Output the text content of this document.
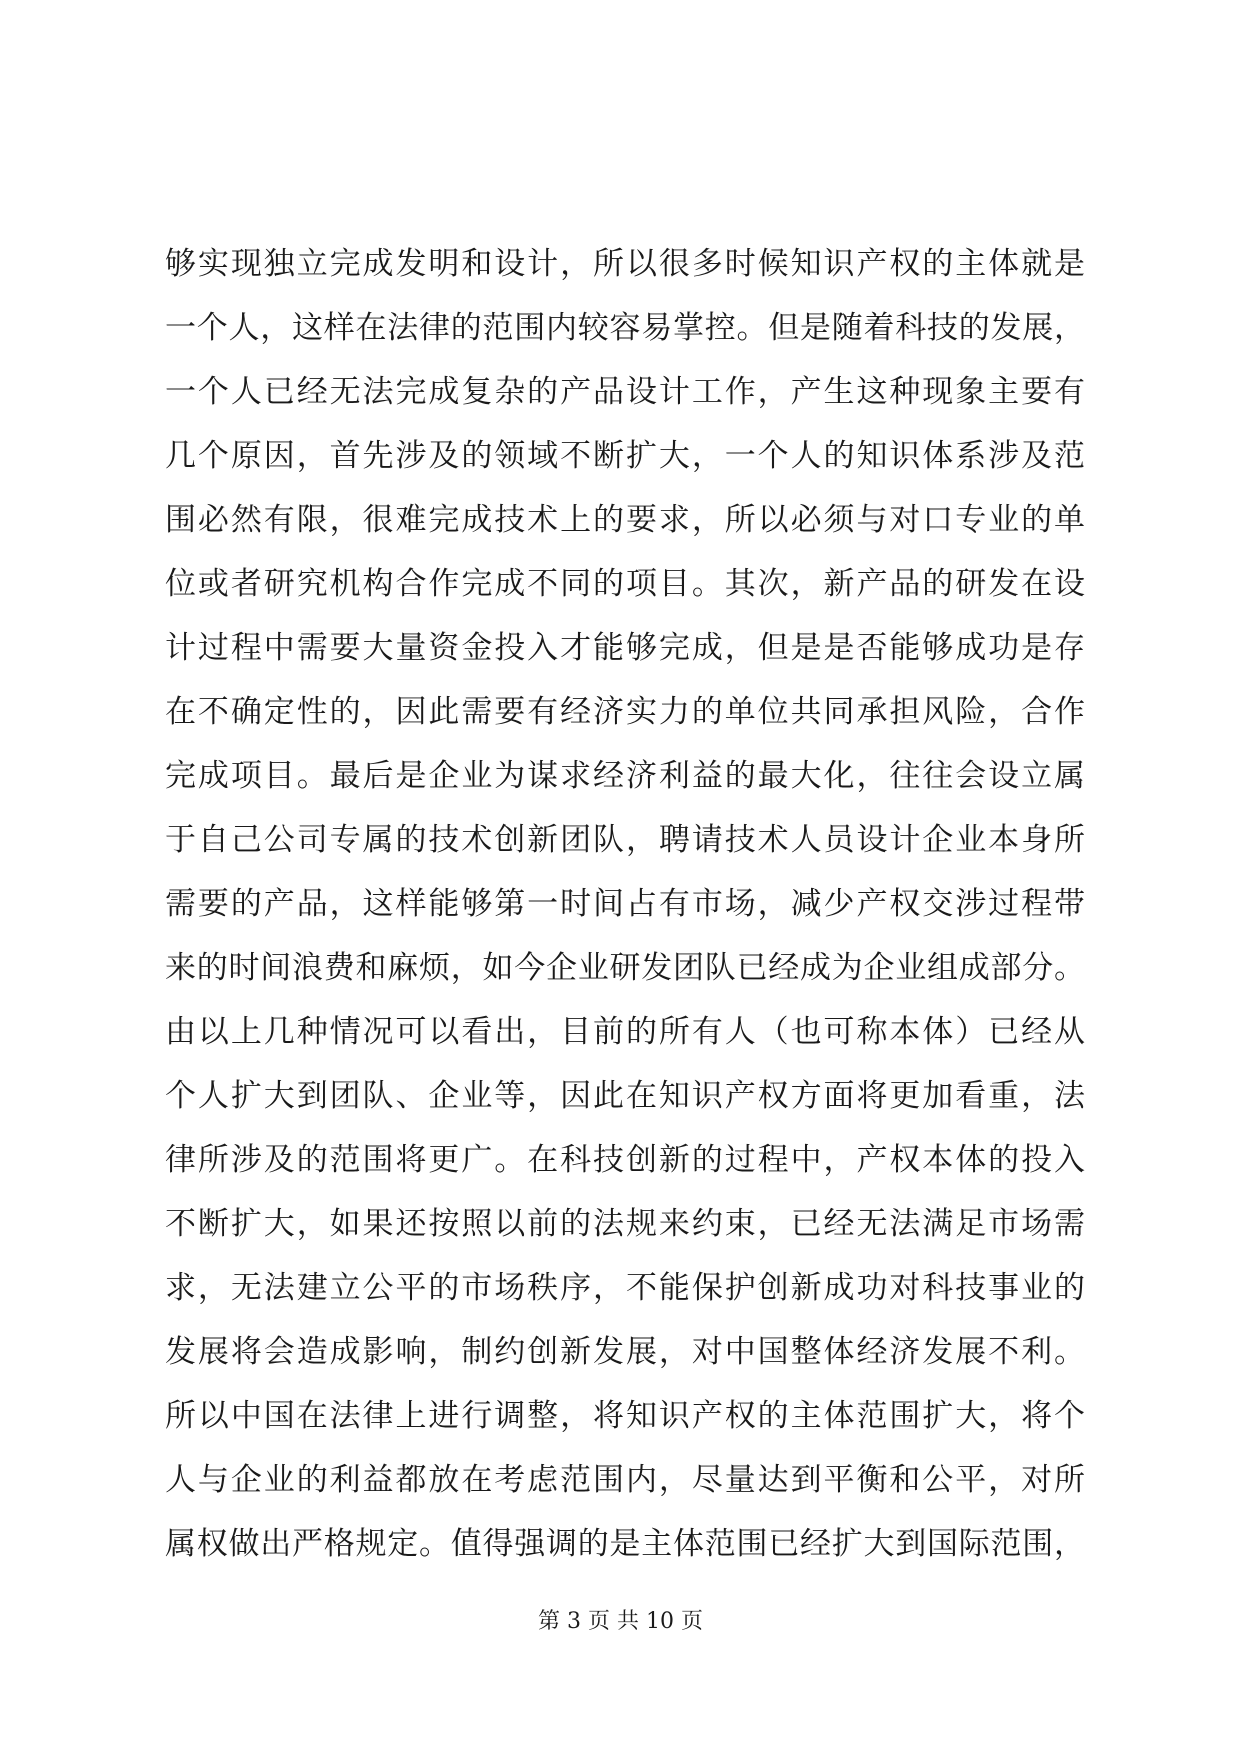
够实现独立完成发明和设计，所以很多时候知识产权的主体就是
一个人，这样在法律的范围内较容易掌控。但是随着科技的发展，
一个人已经无法完成复杂的产品设计工作，产生这种现象主要有
几个原因，首先涉及的领域不断扩大，一个人的知识体系涉及范
围必然有限，很难完成技术上的要求，所以必须与对口专业的单
位或者研究机构合作完成不同的项目。其次，新产品的研发在设
计过程中需要大量资金投入才能够完成，但是是否能够成功是存
在不确定性的，因此需要有经济实力的单位共同承担风险，合作
完成项目。最后是企业为谋求经济利益的最大化，往往会设立属
于自己公司专属的技术创新团队，聘请技术人员设计企业本身所
需要的产品，这样能够第一时间占有市场，减少产权交涉过程带
来的时间浪费和麻烦，如今企业研发团队已经成为企业组成部分。
由以上几种情况可以看出，目前的所有人（也可称本体）已经从
个人扩大到团队、企业等，因此在知识产权方面将更加看重，法
律所涉及的范围将更广。在科技创新的过程中，产权本体的投入
不断扩大，如果还按照以前的法规来约束，已经无法满足市场需
求，无法建立公平的市场秩序，不能保护创新成功对科技事业的
发展将会造成影响，制约创新发展，对中国整体经济发展不利。
所以中国在法律上进行调整，将知识产权的主体范围扩大，将个
人与企业的利益都放在考虑范围内，尽量达到平衡和公平，对所
属权做出严格规定。值得强调的是主体范围已经扩大到国际范围，
第 3 页 共 10 页
